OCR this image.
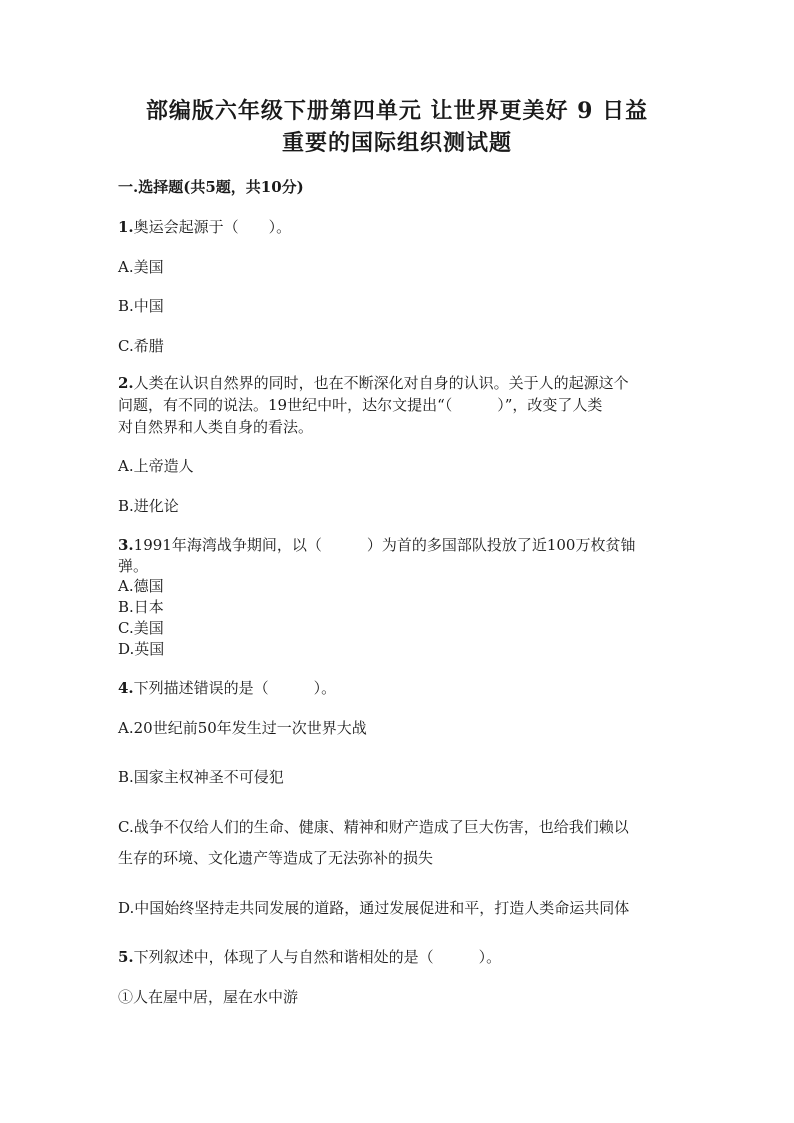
部编版六年级下册第四单元 让世界更美好 9 日益
重要的国际组织测试题
一.选择题(共5题，共10分)
1.奥运会起源于（　　）。
A.美国
B.中国
C.希腊
2.人类在认识自然界的同时，也在不断深化对自身的认识。关于人的起源这个
问题，有不同的说法。19世纪中叶，达尔文提出“（　　　）”，改变了人类
对自然界和人类自身的看法。
A.上帝造人
B.进化论
3.1991年海湾战争期间，以（　　　）为首的多国部队投放了近100万枚贫铀
弹。
A.德国
B.日本
C.美国
D.英国
4.下列描述错误的是（　　　）。
A.20世纪前50年发生过一次世界大战
B.国家主权神圣不可侵犯
C.战争不仅给人们的生命、健康、精神和财产造成了巨大伤害，也给我们赖以
生存的环境、文化遗产等造成了无法弥补的损失
D.中国始终坚持走共同发展的道路，通过发展促进和平，打造人类命运共同体
5.下列叙述中，体现了人与自然和谐相处的是（　　　）。
①人在屋中居，屋在水中游
